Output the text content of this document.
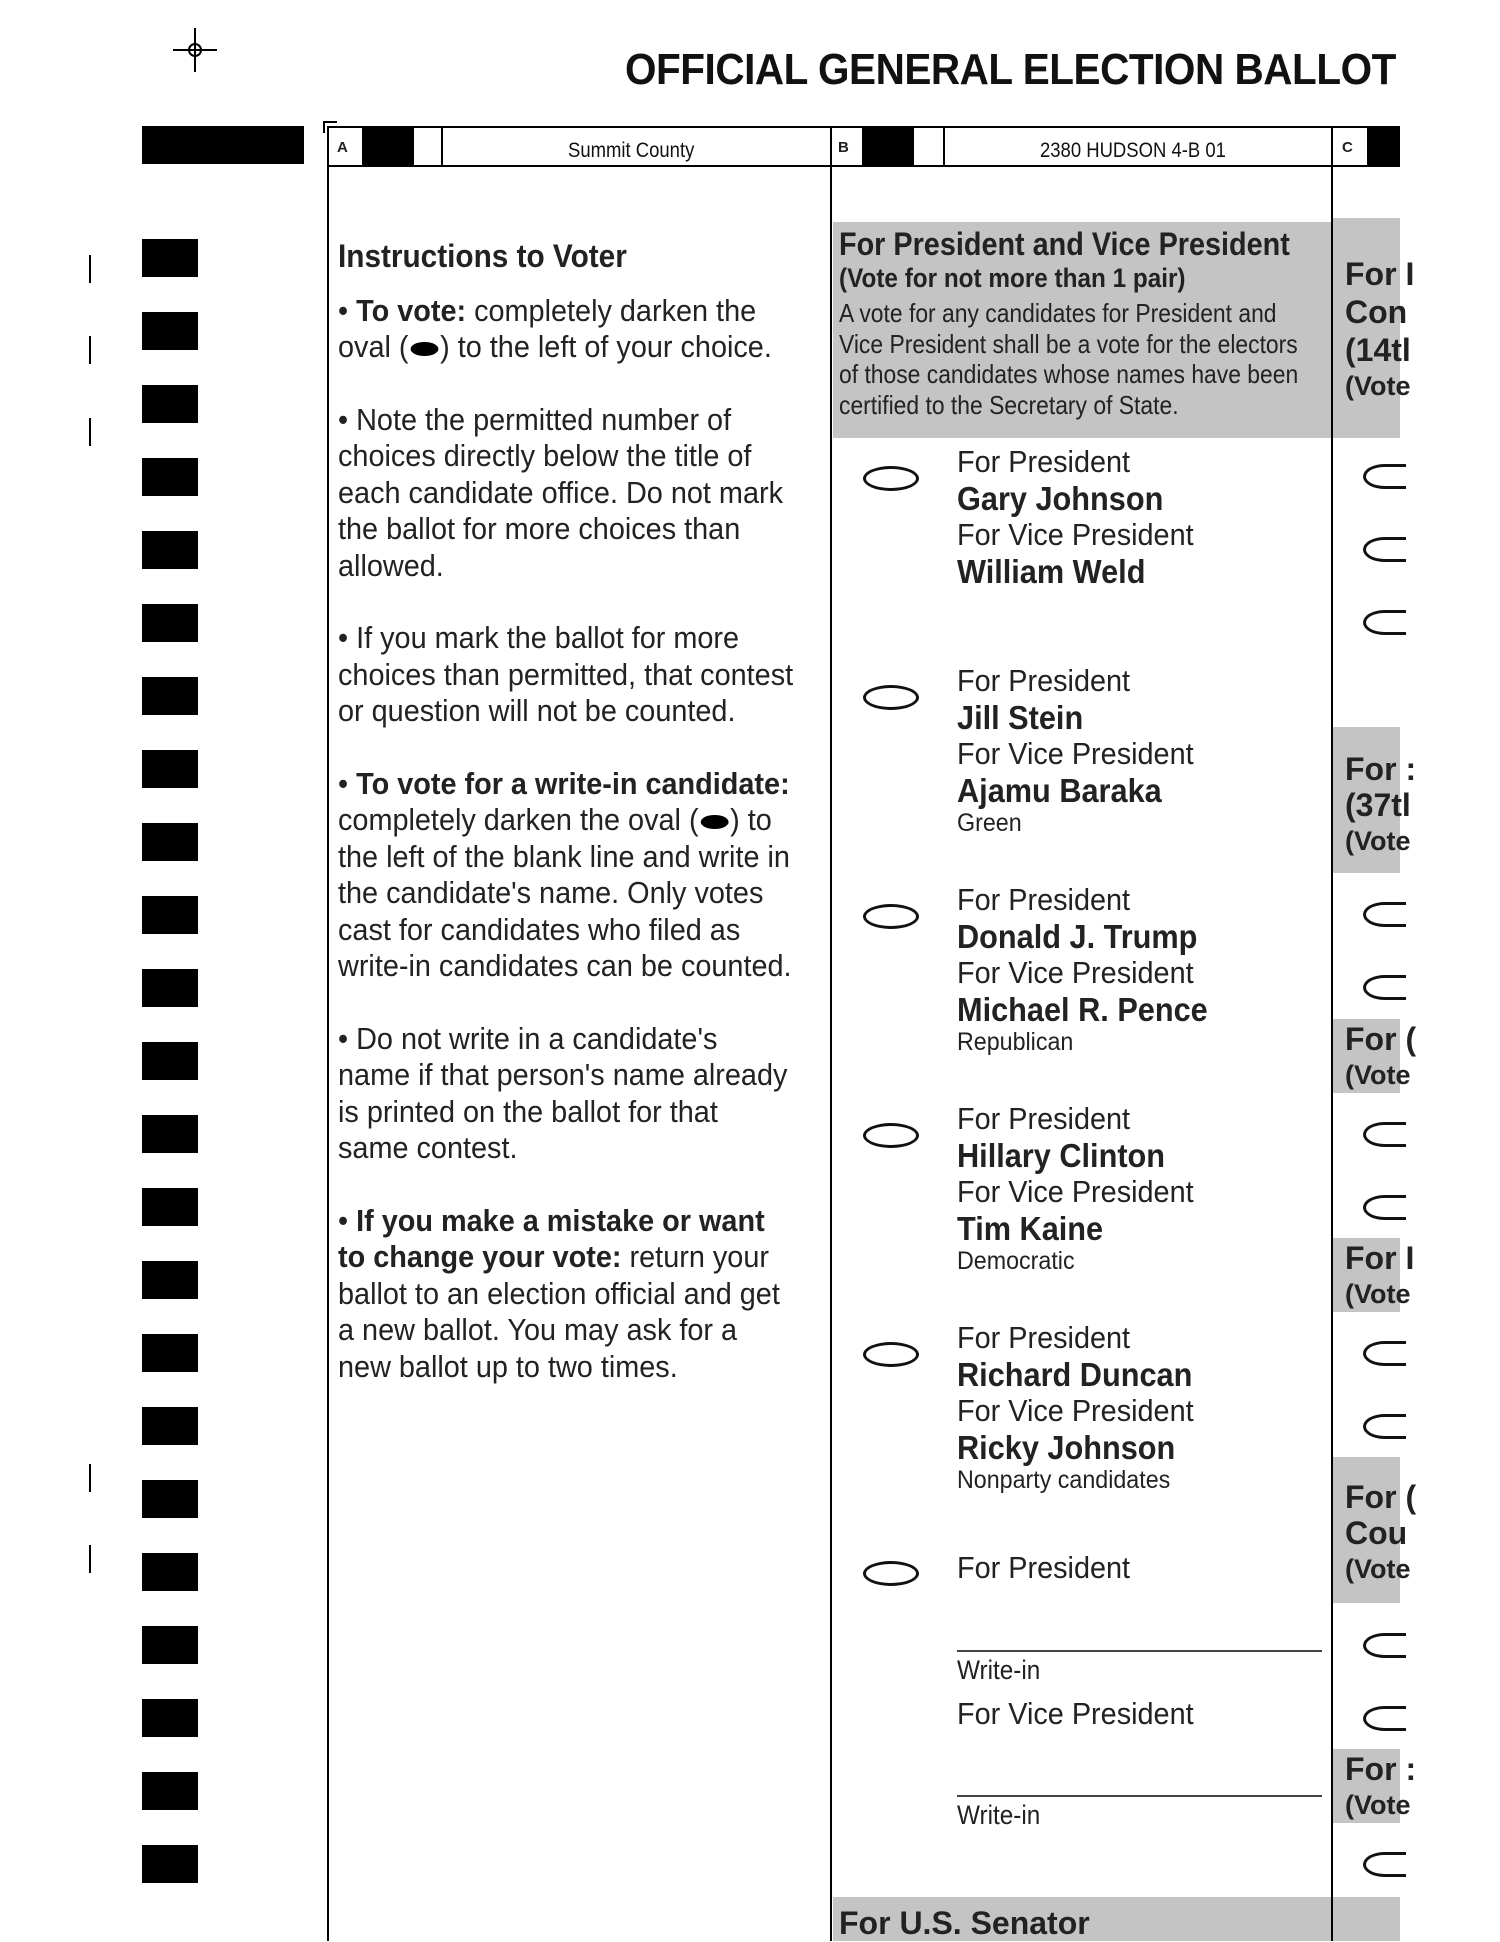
OFFICIAL GENERAL ELECTION BALLOT
A	Summit County	B	2380 HUDSON 4-B 01	C
Instructions to Voter

• To vote: completely darken the oval ( ) to the left of your choice.

• Note the permitted number of choices directly below the title of each candidate office. Do not mark the ballot for more choices than allowed.

• If you mark the ballot for more choices than permitted, that contest or question will not be counted.

• To vote for a write-in candidate: completely darken the oval ( ) to the left of the blank line and write in the candidate's name. Only votes cast for candidates who filed as write-in candidates can be counted.

• Do not write in a candidate's name if that person's name already is printed on the ballot for that same contest.

• If you make a mistake or want to change your vote: return your ballot to an election official and get a new ballot. You may ask for a new ballot up to two times.

For President and Vice President
(Vote for not more than 1 pair)
A vote for any candidates for President and Vice President shall be a vote for the electors of those candidates whose names have been certified to the Secretary of State.
For President
Gary Johnson
For Vice President
William Weld
For President
Jill Stein
For Vice President
Ajamu Baraka
Green
For President
Donald J. Trump
For Vice President
Michael R. Pence
Republican
For President
Hillary Clinton
For Vice President
Tim Kaine
Democratic
For President
Richard Duncan
For Vice President
Ricky Johnson
Nonparty candidates
For President
Write-in
For Vice President
Write-in
For U.S. Senator
For I
Con
(14tl
(Vote
For :
(37tl
(Vote
For (
(Vote
For I
(Vote
For (
Cou
(Vote
For :
(Vote
